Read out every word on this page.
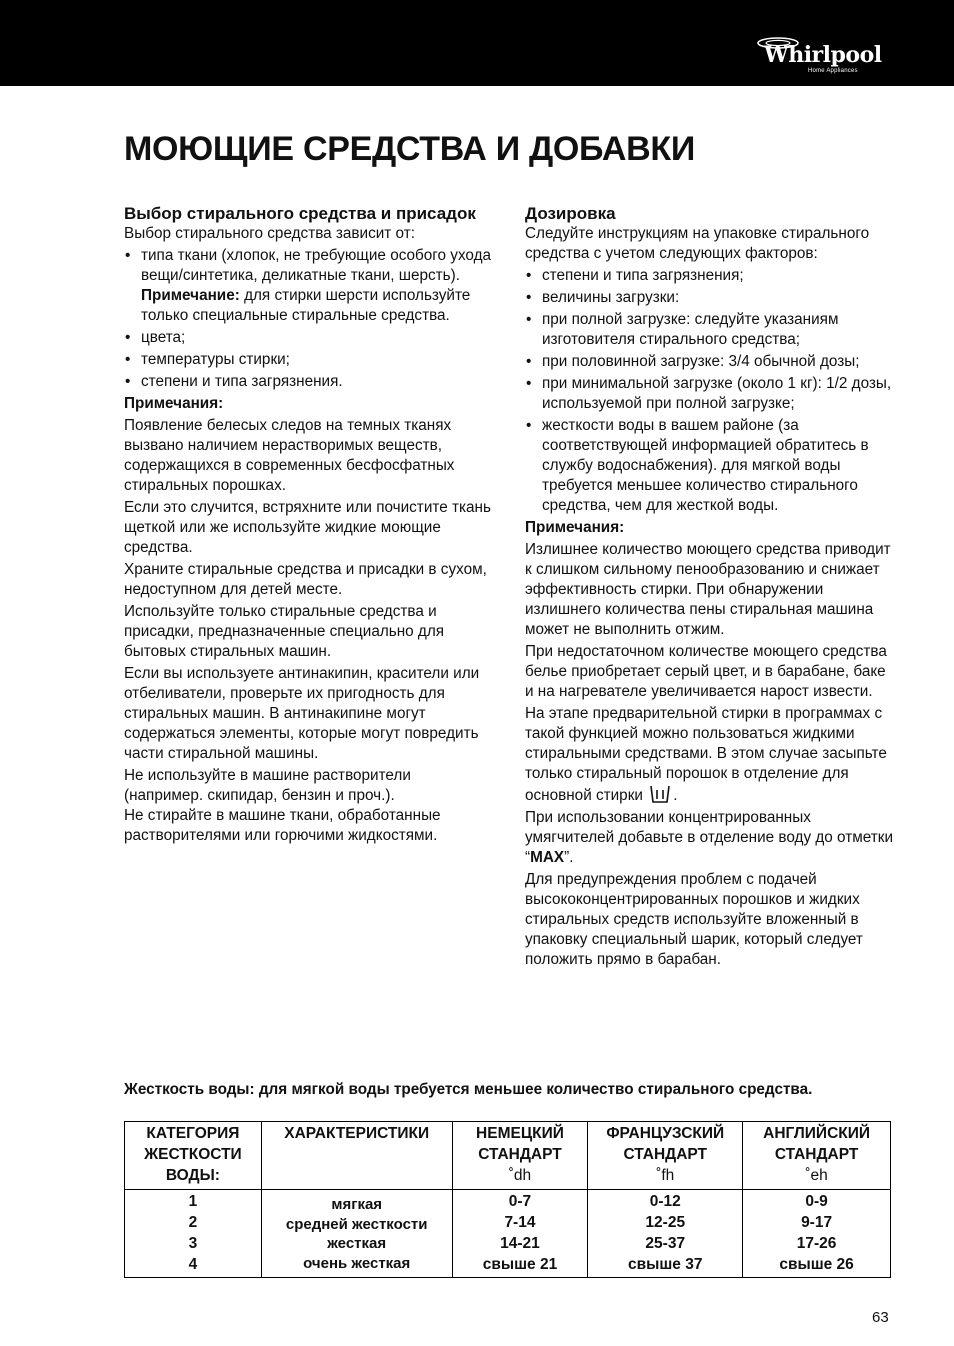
Whirlpool
Home Appliances
МОЮЩИЕ СРЕДСТВА И ДОБАВКИ
Выбор стирального средства и присадок

Выбор стирального средства зависит от:

• типа ткани (хлопок, не требующие особого ухода вещи/синтетика, деликатные ткани, шерсть).
Примечание: для стирки шерсти используйте только специальные стиральные средства.
• цвета;
• температуры стирки;
• степени и типа загрязнения.

Примечания:

Появление белесых следов на темных тканях вызвано наличием нерастворимых веществ, содержащихся в современных бесфосфатных стиральных порошках.

Если это случится, встряхните или почистите ткань щеткой или же используйте жидкие моющие средства.

Храните стиральные средства и присадки в сухом, недоступном для детей месте.

Используйте только стиральные средства и присадки, предназначенные специально для бытовых стиральных машин.

Если вы используете антинакипин, красители или отбеливатели, проверьте их пригодность для стиральных машин. В антинакипине могут содержаться элементы, которые могут повредить части стиральной машины.

Не используйте в машине растворители (например. скипидар, бензин и проч.).

Не стирайте в машине ткани, обработанные растворителями или горючими жидкостями.

Дозировка

Следуйте инструкциям на упаковке стирального средства с учетом следующих факторов:

• степени и типа загрязнения;
• величины загрузки:
• при полной загрузке: следуйте указаниям изготовителя стирального средства;
• при половинной загрузке: 3/4 обычной дозы;
• при минимальной загрузке (около 1 кг): 1/2 дозы, используемой при полной загрузке;
• жесткости воды в вашем районе (за соответствующей информацией обратитесь в службу водоснабжения). для мягкой воды требуется меньшее количество стирального средства, чем для жесткой воды.

Примечания:

Излишнее количество моющего средства приводит к слишком сильному пенообразованию и снижает эффективность стирки. При обнаружении излишнего количества пены стиральная машина может не выполнить отжим.

При недостаточном количестве моющего средства белье приобретает серый цвет, и в барабане, баке и на нагревателе увеличивается нарост извести.

На этапе предварительной стирки в программах с такой функцией можно пользоваться жидкими стиральными средствами. В этом случае засыпьте только стиральный порошок в отделение для основной стирки .

При использовании концентрированных умягчителей добавьте в отделение воду до отметки “MAX”.

Для предупреждения проблем с подачей высококонцентрированных порошков и жидких стиральных средств используйте вложенный в упаковку специальный шарик, который следует положить прямо в барабан.

Жесткость воды: для мягкой воды требуется меньшее количество стирального средства.
КАТЕГОРИЯ
ЖЕСТКОСТИ
ВОДЫ:	ХАРАКТЕРИСТИКИ	НЕМЕЦКИЙ
СТАНДАРТ
˚dh	ФРАНЦУЗСКИЙ
СТАНДАРТ
˚fh	АНГЛИЙСКИЙ
СТАНДАРТ
˚eh
1
2
3
4	мягкая
средней жесткости
жесткая
очень жесткая	0-7
7-14
14-21
свыше 21	0-12
12-25
25-37
свыше 37	0-9
9-17
17-26
свыше 26
63
